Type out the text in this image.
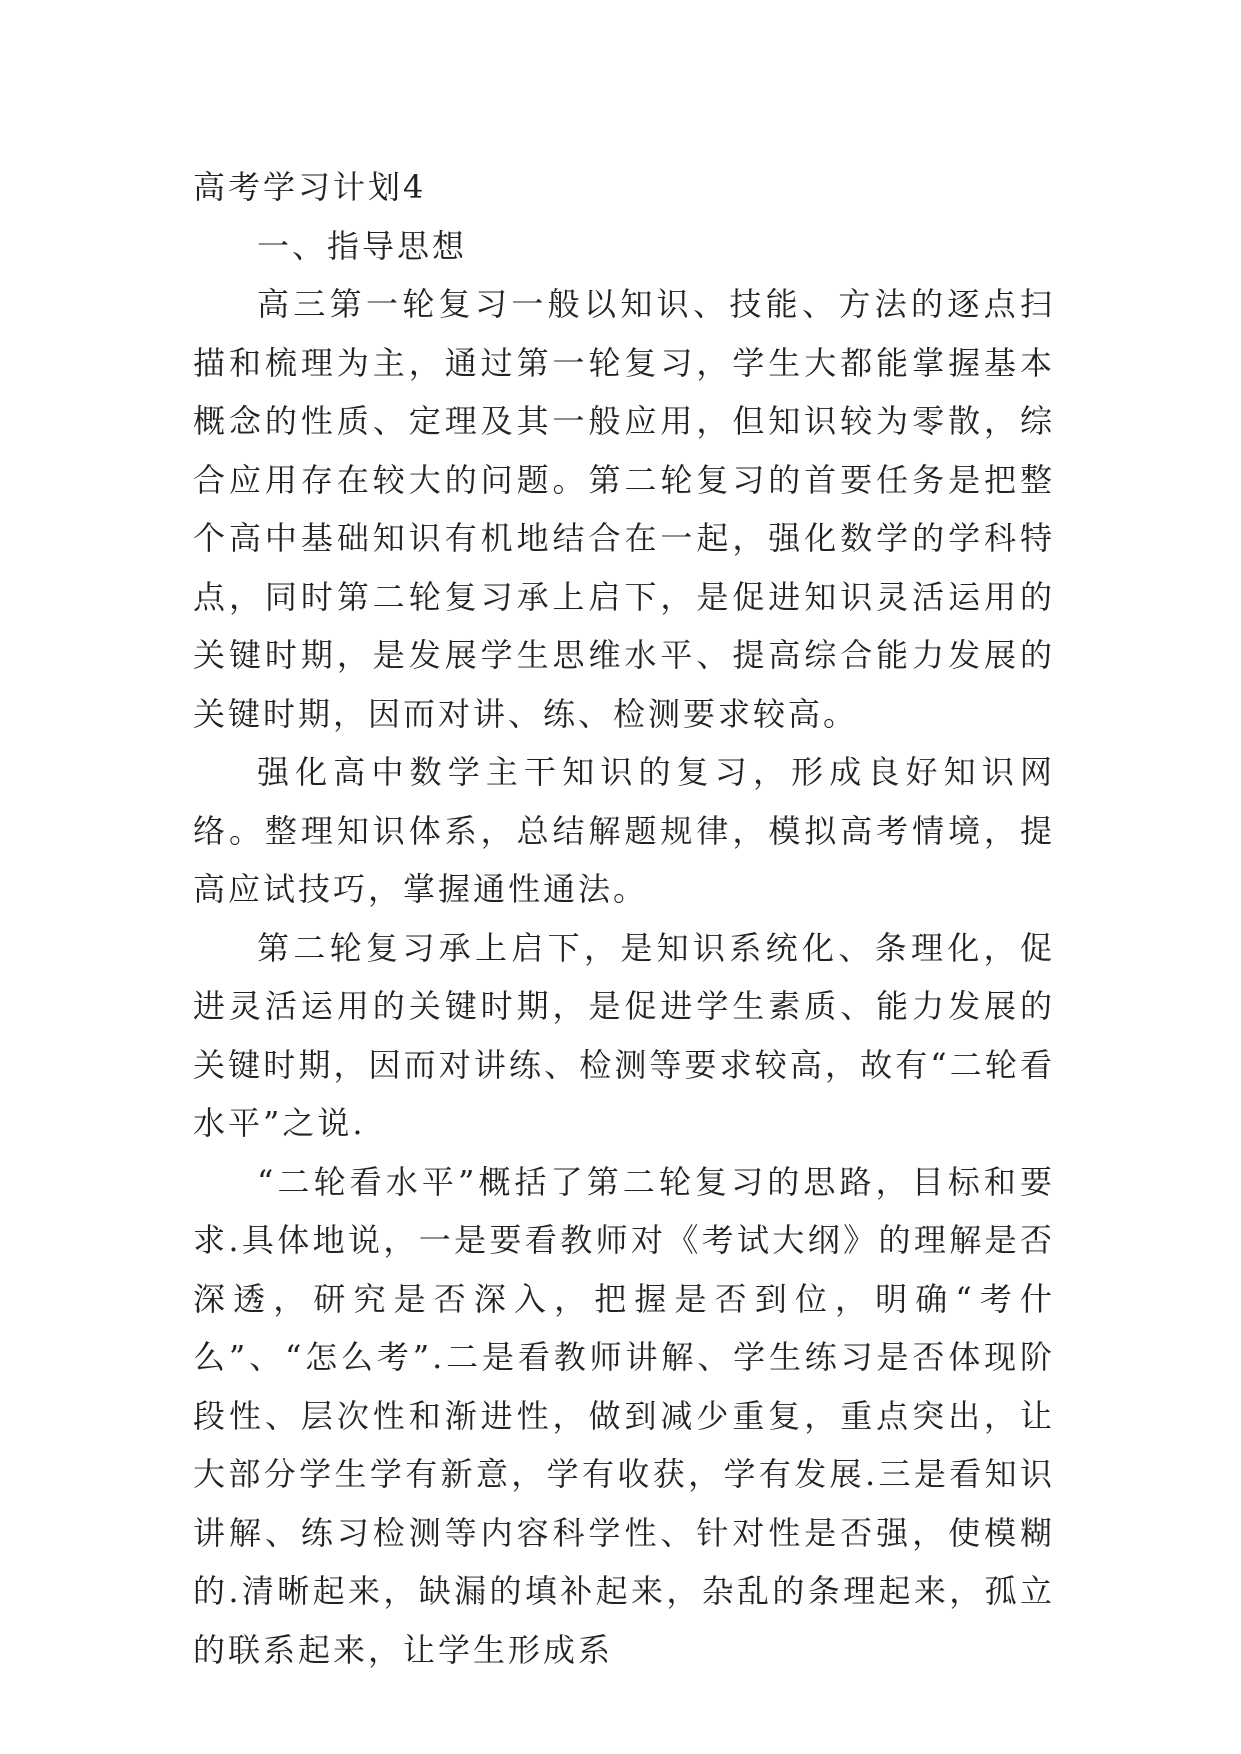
高考学习计划4
一、指导思想

高三第一轮复习一般以知识、技能、方法的逐点扫描和梳理为主，通过第一轮复习，学生大都能掌握基本概念的性质、定理及其一般应用，但知识较为零散，综合应用存在较大的问题。第二轮复习的首要任务是把整个高中基础知识有机地结合在一起，强化数学的学科特点，同时第二轮复习承上启下，是促进知识灵活运用的关键时期，是发展学生思维水平、提高综合能力发展的关键时期，因而对讲、练、检测要求较高。

强化高中数学主干知识的复习，形成良好知识网络。整理知识体系，总结解题规律，模拟高考情境，提高应试技巧，掌握通性通法。

第二轮复习承上启下，是知识系统化、条理化，促进灵活运用的关键时期，是促进学生素质、能力发展的关键时期，因而对讲练、检测等要求较高，故有“二轮看水平”之说.

“二轮看水平”概括了第二轮复习的思路，目标和要求.具体地说，一是要看教师对《考试大纲》的理解是否深透，研究是否深入，把握是否到位，明确“考什么”、“怎么考”.二是看教师讲解、学生练习是否体现阶段性、层次性和渐进性，做到减少重复，重点突出，让大部分学生学有新意，学有收获，学有发展.三是看知识讲解、练习检测等内容科学性、针对性是否强，使模糊的.清晰起来，缺漏的填补起来，杂乱的条理起来，孤立的联系起来，让学生形成系
